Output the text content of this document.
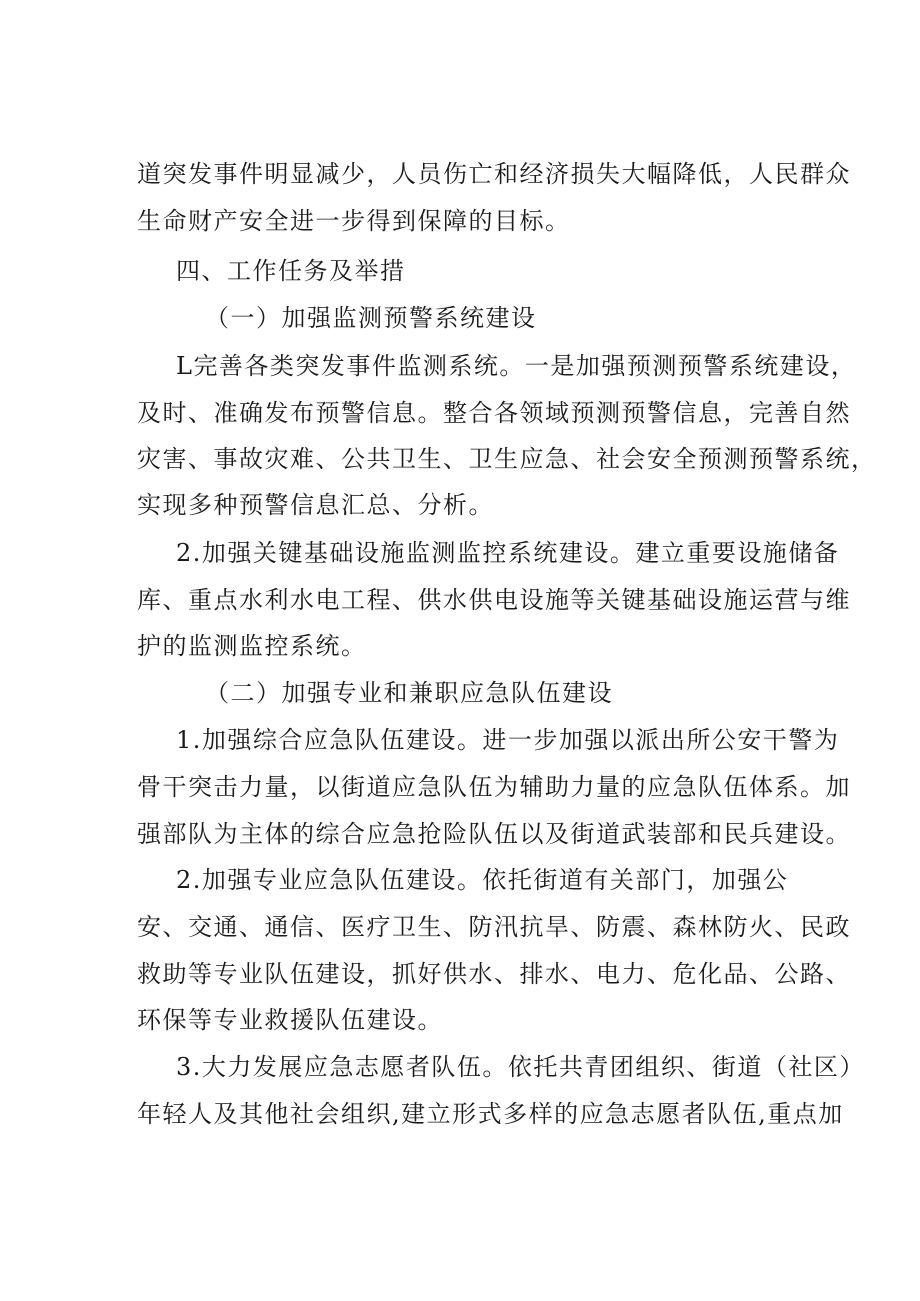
道突发事件明显减少，人员伤亡和经济损失大幅降低，人民群众
生命财产安全进一步得到保障的目标。
四、工作任务及举措
（一）加强监测预警系统建设
L完善各类突发事件监测系统。一是加强预测预警系统建设，
及时、准确发布预警信息。整合各领域预测预警信息，完善自然
灾害、事故灾难、公共卫生、卫生应急、社会安全预测预警系统，
实现多种预警信息汇总、分析。
2.加强关键基础设施监测监控系统建设。建立重要设施储备
库、重点水利水电工程、供水供电设施等关键基础设施运营与维
护的监测监控系统。
（二）加强专业和兼职应急队伍建设
1.加强综合应急队伍建设。进一步加强以派出所公安干警为
骨干突击力量，以街道应急队伍为辅助力量的应急队伍体系。加
强部队为主体的综合应急抢险队伍以及街道武装部和民兵建设。
2.加强专业应急队伍建设。依托街道有关部门，加强公
安、交通、通信、医疗卫生、防汛抗旱、防震、森林防火、民政
救助等专业队伍建设，抓好供水、排水、电力、危化品、公路、
环保等专业救援队伍建设。
3.大力发展应急志愿者队伍。依托共青团组织、街道（社区）
年轻人及其他社会组织,建立形式多样的应急志愿者队伍,重点加
